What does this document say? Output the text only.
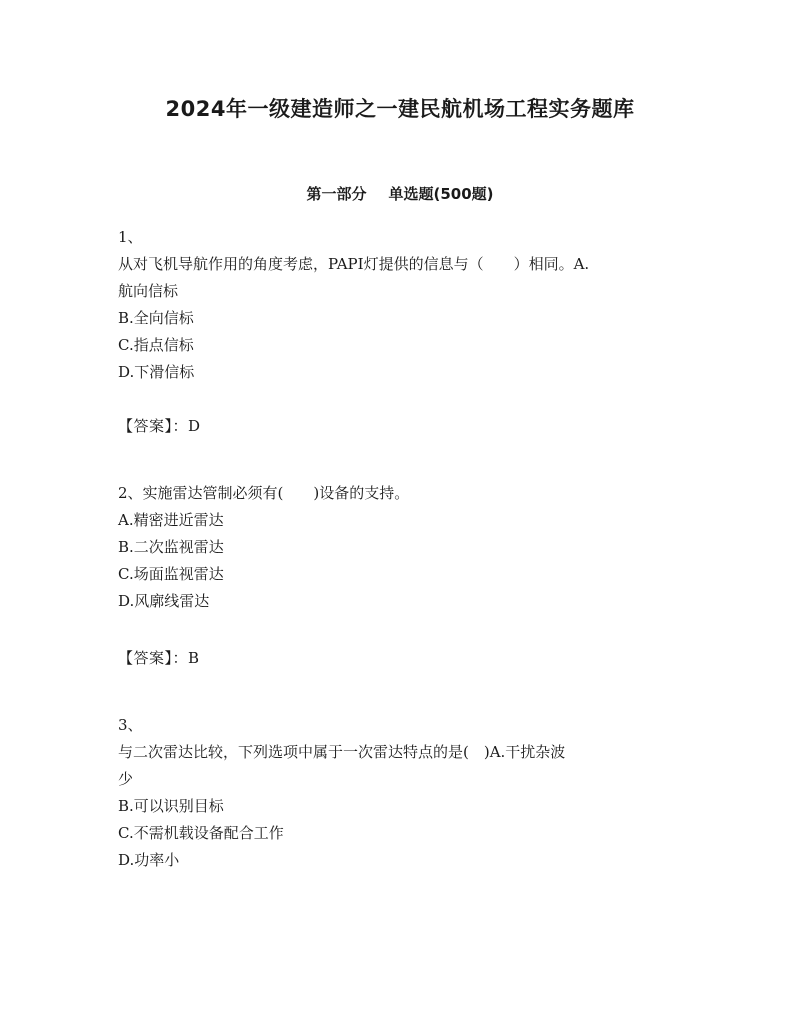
2024年一级建造师之一建民航机场工程实务题库
第一部分 单选题(500题)
1、
从对飞机导航作用的角度考虑，PAPI灯提供的信息与（　　）相同。A.
航向信标
B.全向信标
C.指点信标
D.下滑信标
【答案】：D
2、实施雷达管制必须有(　　)设备的支持。
A.精密进近雷达
B.二次监视雷达
C.场面监视雷达
D.风廓线雷达
【答案】：B
3、
与二次雷达比较，下列选项中属于一次雷达特点的是(　)A.干扰杂波
少
B.可以识别目标
C.不需机载设备配合工作
D.功率小
